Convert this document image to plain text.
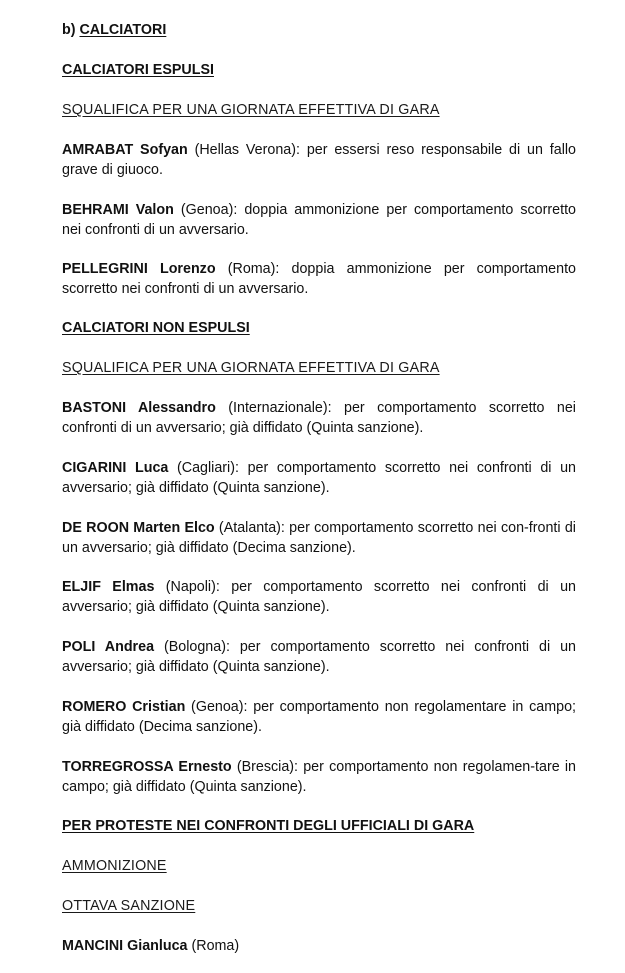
b) CALCIATORI
CALCIATORI ESPULSI
SQUALIFICA PER UNA GIORNATA EFFETTIVA DI GARA
AMRABAT Sofyan (Hellas Verona): per essersi reso responsabile di un fallo grave di giuoco.
BEHRAMI Valon (Genoa): doppia ammonizione per comportamento scorretto nei confronti di un avversario.
PELLEGRINI Lorenzo (Roma): doppia ammonizione per comportamento scorretto nei confronti di un avversario.
CALCIATORI NON ESPULSI
SQUALIFICA PER UNA GIORNATA EFFETTIVA DI GARA
BASTONI Alessandro (Internazionale): per comportamento scorretto nei confronti di un avversario; già diffidato (Quinta sanzione).
CIGARINI Luca (Cagliari): per comportamento scorretto nei confronti di un avversario; già diffidato (Quinta sanzione).
DE ROON Marten Elco (Atalanta): per comportamento scorretto nei con-fronti di un avversario; già diffidato (Decima sanzione).
ELJIF Elmas (Napoli): per comportamento scorretto nei confronti di un avversario; già diffidato (Quinta sanzione).
POLI Andrea (Bologna): per comportamento scorretto nei confronti di un avversario; già diffidato (Quinta sanzione).
ROMERO Cristian (Genoa): per comportamento non regolamentare in campo; già diffidato (Decima sanzione).
TORREGROSSA Ernesto (Brescia): per comportamento non regolamen-tare in campo; già diffidato (Quinta sanzione).
PER PROTESTE NEI CONFRONTI DEGLI UFFICIALI DI GARA
AMMONIZIONE
OTTAVA SANZIONE
MANCINI Gianluca (Roma)
